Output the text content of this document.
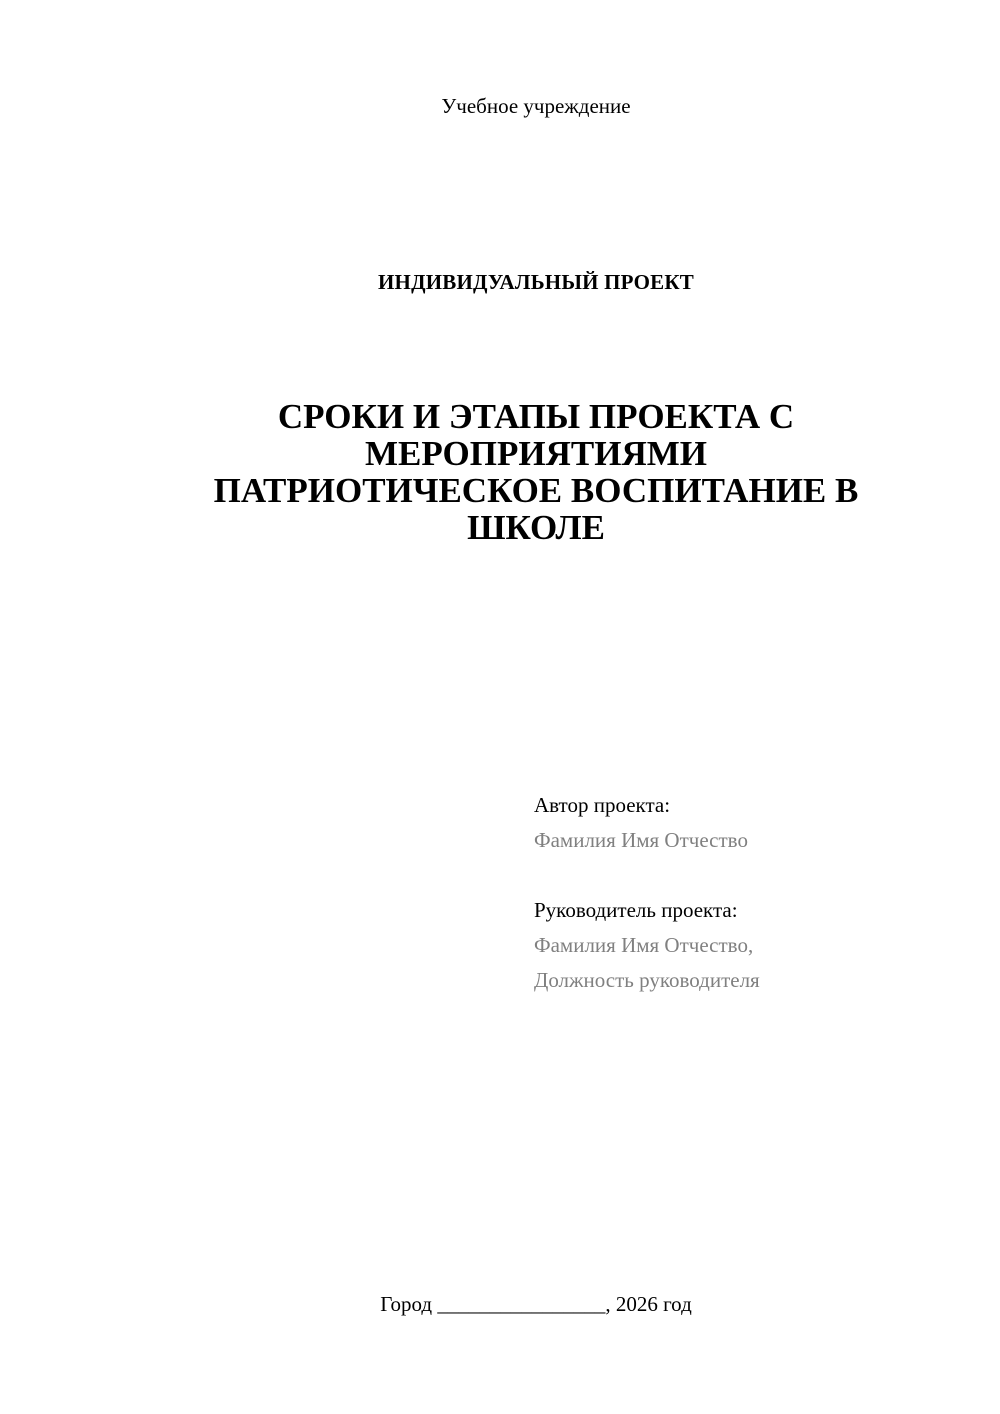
Учебное учреждение
ИНДИВИДУАЛЬНЫЙ ПРОЕКТ
СРОКИ И ЭТАПЫ ПРОЕКТА С
МЕРОПРИЯТИЯМИ
ПАТРИОТИЧЕСКОЕ ВОСПИТАНИЕ В
ШКОЛЕ
Автор проекта:
Фамилия Имя Отчество
Руководитель проекта:
Фамилия Имя Отчество,
Должность руководителя
Город ________________, 2026 год
